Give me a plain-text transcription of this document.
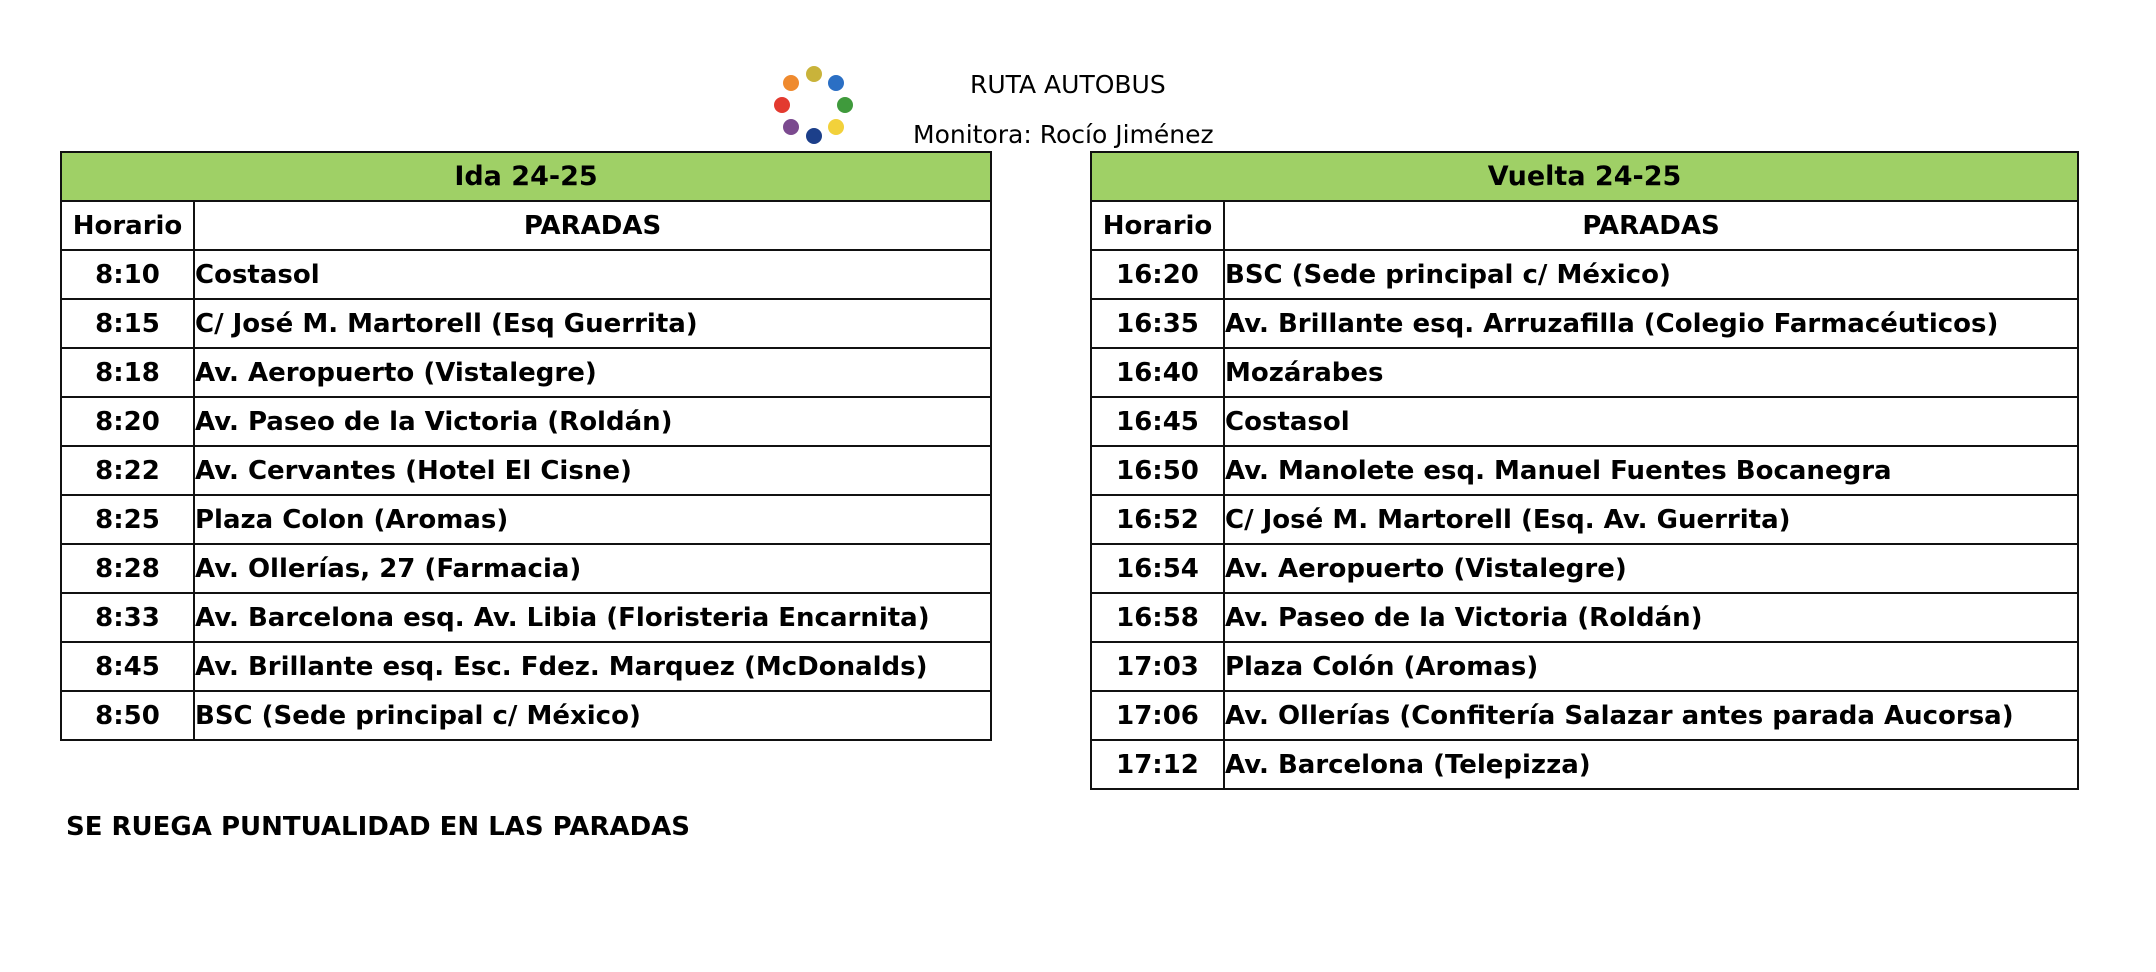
RUTA AUTOBUS
Monitora: Rocío Jiménez
Ida 24-25	
Horario	PARADAS
8:10	Costasol
8:15	C/ José M. Martorell (Esq Guerrita)
8:18	Av. Aeropuerto (Vistalegre)
8:20	Av. Paseo de la Victoria (Roldán)
8:22	Av. Cervantes (Hotel El Cisne)
8:25	Plaza Colon (Aromas)
8:28	Av. Ollerías, 27 (Farmacia)
8:33	Av. Barcelona esq. Av. Libia (Floristeria Encarnita)
8:45	Av. Brillante esq. Esc. Fdez. Marquez (McDonalds)
8:50	BSC (Sede principal c/ México)
Vuelta 24-25	
Horario	PARADAS
16:20	BSC (Sede principal c/ México)
16:35	Av. Brillante esq. Arruzafilla (Colegio Farmacéuticos)
16:40	Mozárabes
16:45	Costasol
16:50	Av. Manolete esq. Manuel Fuentes Bocanegra
16:52	C/ José M. Martorell (Esq. Av. Guerrita)
16:54	Av. Aeropuerto (Vistalegre)
16:58	Av. Paseo de la Victoria (Roldán)
17:03	Plaza Colón (Aromas)
17:06	Av. Ollerías (Confitería Salazar antes parada Aucorsa)
17:12	Av. Barcelona (Telepizza)
SE RUEGA PUNTUALIDAD EN LAS PARADAS
